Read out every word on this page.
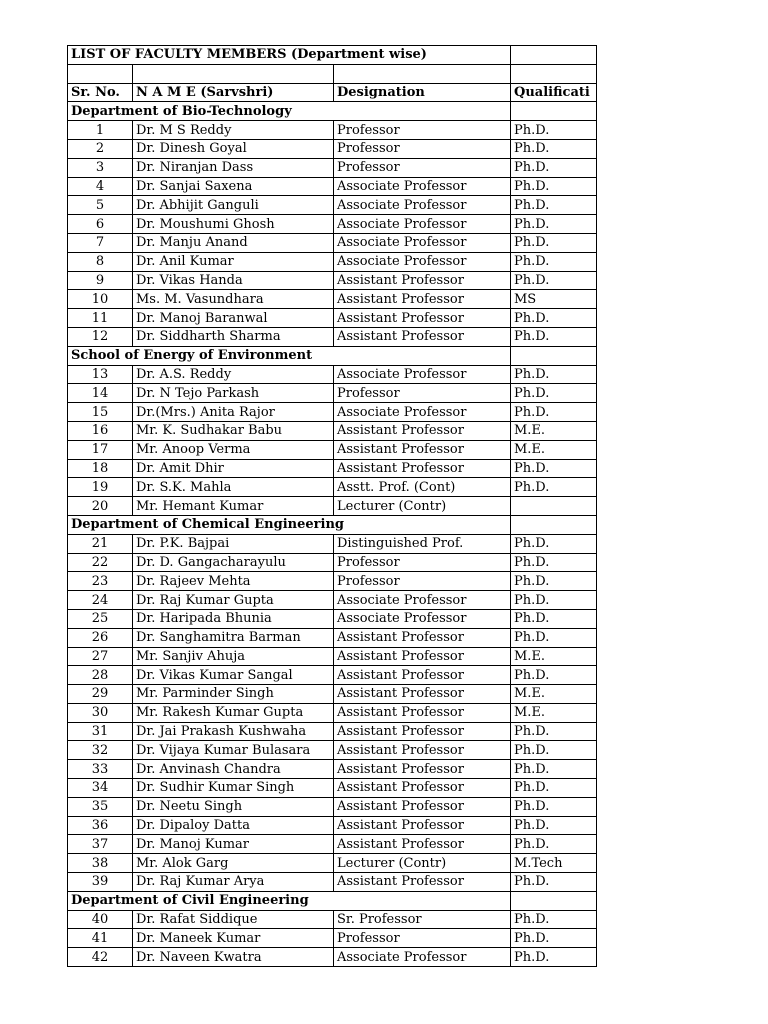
LIST OF FACULTY MEMBERS (Department wise)			

Sr. No.	N A M E (Sarvshri)	Designation	Qualificati
Department of Bio-Technology			
1	Dr. M S Reddy	Professor	Ph.D.
2	Dr. Dinesh Goyal	Professor	Ph.D.
3	Dr. Niranjan Dass	Professor	Ph.D.
4	Dr. Sanjai Saxena	Associate Professor	Ph.D.
5	Dr. Abhijit Ganguli	Associate Professor	Ph.D.
6	Dr. Moushumi Ghosh	Associate Professor	Ph.D.
7	Dr. Manju Anand	Associate Professor	Ph.D.
8	Dr. Anil Kumar	Associate Professor	Ph.D.
9	Dr. Vikas Handa	Assistant Professor	Ph.D.
10	Ms. M. Vasundhara	Assistant Professor	MS
11	Dr. Manoj Baranwal	Assistant Professor	Ph.D.
12	Dr. Siddharth Sharma	Assistant Professor	Ph.D.
School of Energy of Environment			
13	Dr. A.S. Reddy	Associate Professor	Ph.D.
14	Dr. N Tejo Parkash	Professor	Ph.D.
15	Dr.(Mrs.) Anita Rajor	Associate Professor	Ph.D.
16	Mr. K. Sudhakar Babu	Assistant Professor	M.E.
17	Mr. Anoop Verma	Assistant Professor	M.E.
18	Dr. Amit Dhir	Assistant Professor	Ph.D.
19	Dr. S.K. Mahla	Asstt. Prof. (Cont)	Ph.D.
20	Mr. Hemant Kumar	Lecturer (Contr)	
Department of Chemical Engineering			
21	Dr. P.K. Bajpai	Distinguished Prof.	Ph.D.
22	Dr. D. Gangacharayulu	Professor	Ph.D.
23	Dr. Rajeev Mehta	Professor	Ph.D.
24	Dr. Raj Kumar Gupta	Associate Professor	Ph.D.
25	Dr. Haripada Bhunia	Associate Professor	Ph.D.
26	Dr. Sanghamitra Barman	Assistant Professor	Ph.D.
27	Mr. Sanjiv Ahuja	Assistant Professor	M.E.
28	Dr. Vikas Kumar Sangal	Assistant Professor	Ph.D.
29	Mr. Parminder Singh	Assistant Professor	M.E.
30	Mr. Rakesh Kumar Gupta	Assistant Professor	M.E.
31	Dr. Jai Prakash Kushwaha	Assistant Professor	Ph.D.
32	Dr. Vijaya Kumar Bulasara	Assistant Professor	Ph.D.
33	Dr. Anvinash Chandra	Assistant Professor	Ph.D.
34	Dr. Sudhir Kumar Singh	Assistant Professor	Ph.D.
35	Dr. Neetu Singh	Assistant Professor	Ph.D.
36	Dr. Dipaloy Datta	Assistant Professor	Ph.D.
37	Dr. Manoj Kumar	Assistant Professor	Ph.D.
38	Mr. Alok Garg	Lecturer (Contr)	M.Tech
39	Dr. Raj Kumar Arya	Assistant Professor	Ph.D.
Department of Civil Engineering			
40	Dr. Rafat Siddique	Sr. Professor	Ph.D.
41	Dr. Maneek Kumar	Professor	Ph.D.
42	Dr. Naveen Kwatra	Associate Professor	Ph.D.
